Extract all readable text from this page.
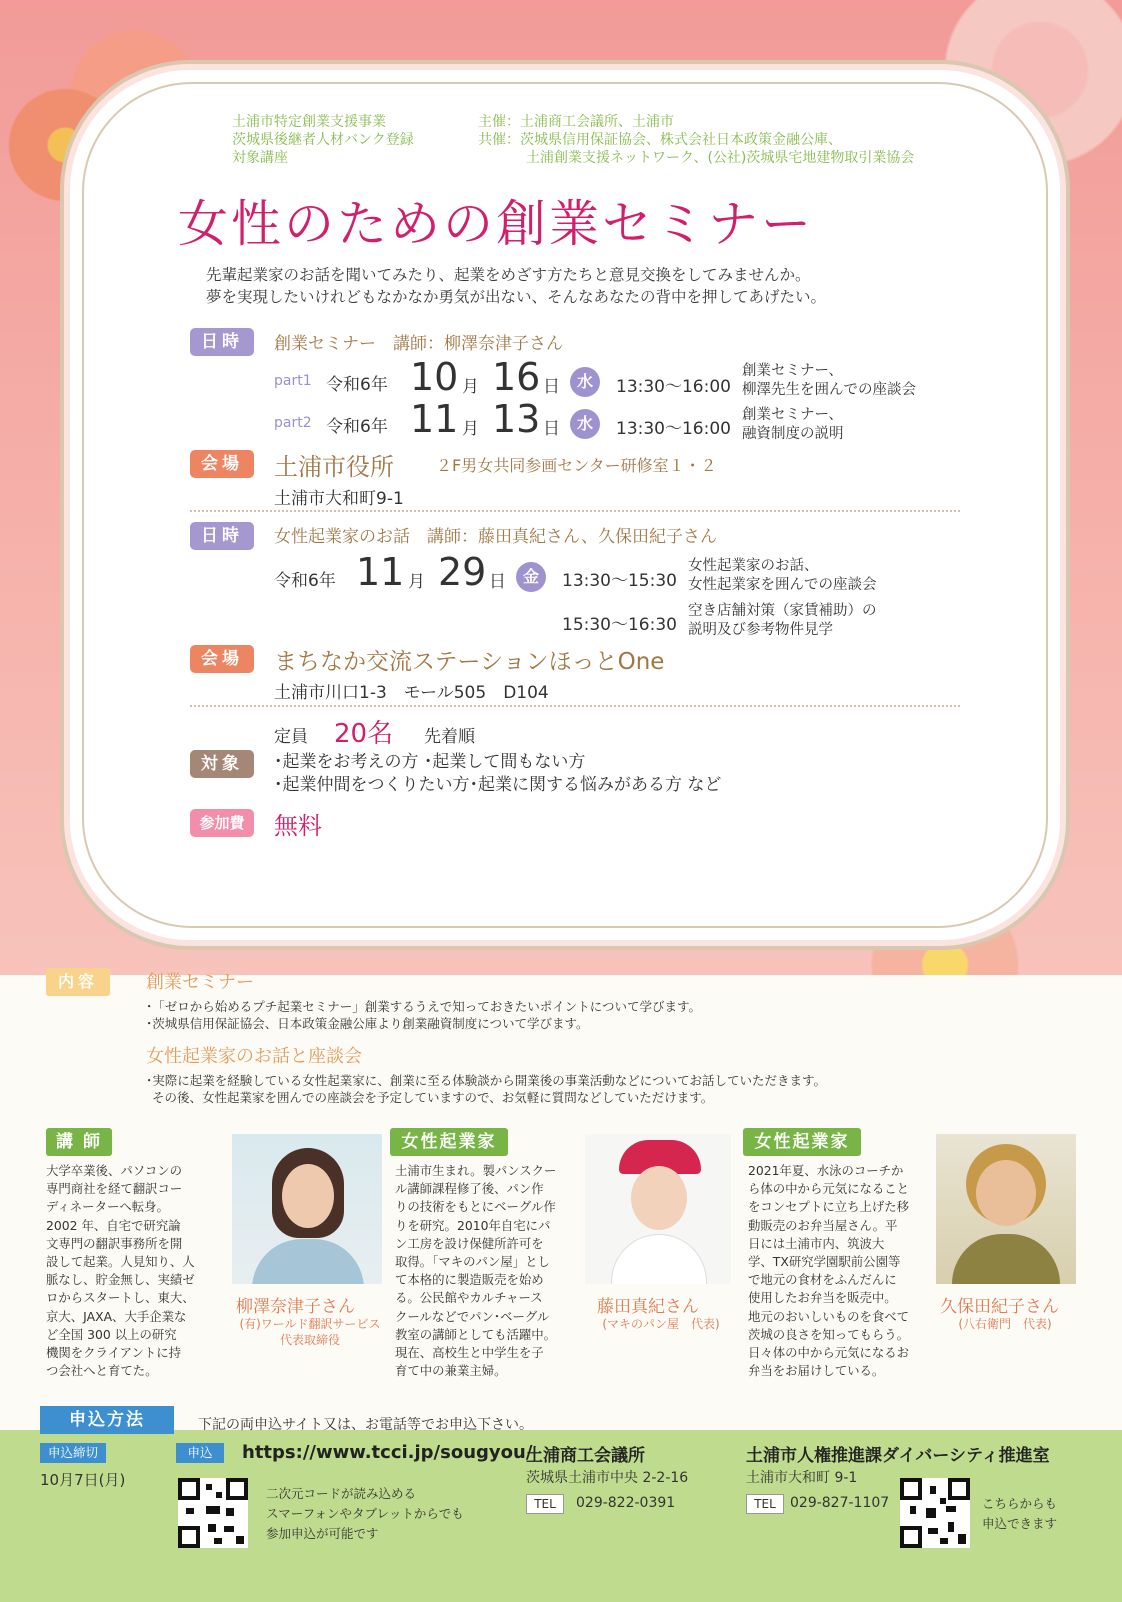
土浦市特定創業支援事業
茨城県後継者人材バンク登録
対象講座
主催：土浦商工会議所、土浦市
共催：茨城県信用保証協会、株式会社日本政策金融公庫、
土浦創業支援ネットワーク、(公社)茨城県宅地建物取引業協会
女性のための創業セミナー
先輩起業家のお話を聞いてみたり、起業をめざす方たちと意見交換をしてみませんか。
夢を実現したいけれどもなかなか勇気が出ない、そんなあなたの背中を押してあげたい。
日時	創業セミナー　講師：柳澤奈津子さん
part1 令和6年 10 月 16 日	水	13:30〜16:00
創業セミナー、
柳澤先生を囲んでの座談会
part2 令和6年 11 月 13 日	水	13:30〜16:00
創業セミナー、
融資制度の説明
会場	土浦市役所	２F男女共同参画センター研修室１・２
土浦市大和町9-1
日時	女性起業家のお話　講師：藤田真紀さん、久保田紀子さん
令和6年 11 月 29 日	金	13:30〜15:30
女性起業家のお話、
女性起業家を囲んでの座談会
15:30〜16:30
空き店舗対策（家賃補助）の
説明及び参考物件見学
会場	まちなか交流ステーションほっとOne
土浦市川口1-3　モール505　D104
定員 20名 先着順
対象	･起業をお考えの方 ･起業して間もない方
･起業仲間をつくりたい方･起業に関する悩みがある方 など
参加費	無料
内容	創業セミナー
･「ゼロから始めるプチ起業セミナー」創業するうえで知っておきたいポイントについて学びます。
･茨城県信用保証協会、日本政策金融公庫より創業融資制度について学びます。
女性起業家のお話と座談会
･実際に起業を経験している女性起業家に、創業に至る体験談から開業後の事業活動などについてお話していただきます。
その後、女性起業家を囲んでの座談会を予定していますので、お気軽に質問などしていただけます。
講 師
大学卒業後、パソコンの
専門商社を経て翻訳コー
ディネーターへ転身。
2002 年、自宅で研究論
文専門の翻訳事務所を開
設して起業。人見知り、人
脈なし、貯金無し、実績ゼ
ロからスタートし、東大、
京大、JAXA、大手企業な
ど全国 300 以上の研究
機関をクライアントに持
つ会社へと育てた。
柳澤奈津子さん
(有)ワールド翻訳サービス
代表取締役
女性起業家
土浦市生まれ。製パンスクー
ル講師課程修了後、パン作
りの技術をもとにベーグル作
りを研究。2010年自宅にパ
ン工房を設け保健所許可を
取得。「マキのパン屋」とし
て本格的に製造販売を始め
る。公民館やカルチャース
クールなどでパン･ベーグル
教室の講師としても活躍中。
現在、高校生と中学生を子
育て中の兼業主婦。
藤田真紀さん
(マキのパン屋　代表)
女性起業家
2021年夏、水泳のコーチか
ら体の中から元気になること
をコンセプトに立ち上げた移
動販売のお弁当屋さん。平
日には土浦市内、筑波大
学、TX研究学園駅前公園等
で地元の食材をふんだんに
使用したお弁当を販売中。
地元のおいしいものを食べて
茨城の良さを知ってもらう。
日々体の中から元気になるお
弁当をお届けしている。
久保田紀子さん
(八右衛門　代表)
申込方法	下記の両申込サイト又は、お電話等でお申込下さい。
申込締切
10月7日(月)
申込	https://www.tcci.jp/sougyou/
二次元コードが読み込める
スマーフォンやタブレットからでも
参加申込が可能です
土浦商工会議所
茨城県土浦市中央 2-2-16
TEL	029-822-0391
土浦市人権推進課ダイバーシティ推進室
土浦市大和町 9-1
TEL	029-827-1107	こちらからも
申込できます
